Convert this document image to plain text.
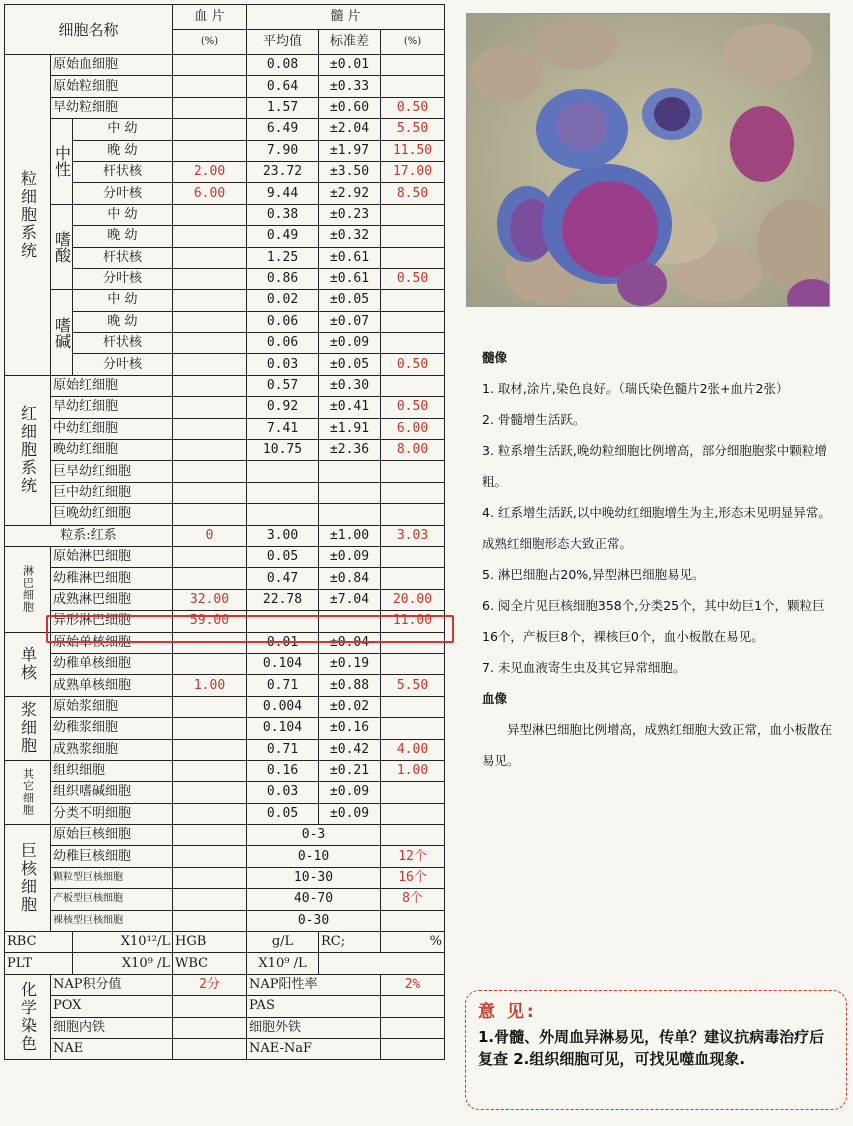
细胞名称			血 片	髓 片		
			(%)	平均值	标准差	(%)
粒细胞系统	原始血细胞			0.08	±0.01	
	原始粒细胞			0.64	±0.33	
	早幼粒细胞			1.57	±0.60	0.50
	中性	中 幼		6.49	±2.04	5.50
		晚 幼		7.90	±1.97	11.50
		杆状核	2.00	23.72	±3.50	17.00
		分叶核	6.00	9.44	±2.92	8.50
	嗜酸	中 幼		0.38	±0.23	
		晚 幼		0.49	±0.32	
		杆状核		1.25	±0.61	
		分叶核		0.86	±0.61	0.50
	嗜碱	中 幼		0.02	±0.05	
		晚 幼		0.06	±0.07	
		杆状核		0.06	±0.09	
		分叶核		0.03	±0.05	0.50
红细胞系统	原始红细胞			0.57	±0.30	
	早幼红细胞			0.92	±0.41	0.50
	中幼红细胞			7.41	±1.91	6.00
	晚幼红细胞			10.75	±2.36	8.00
	巨早幼红细胞					
	巨中幼红细胞					
	巨晚幼红细胞					
粒系:红系			0	3.00	±1.00	3.03
淋巴细胞	原始淋巴细胞			0.05	±0.09	
	幼稚淋巴细胞			0.47	±0.84	
	成熟淋巴细胞		32.00	22.78	±7.04	20.00
	异形淋巴细胞		59.00			11.00
单核	原始单核细胞			0.01	±0.04	
	幼稚单核细胞			0.104	±0.19	
	成熟单核细胞		1.00	0.71	±0.88	5.50
浆细胞	原始浆细胞			0.004	±0.02	
	幼稚浆细胞			0.104	±0.16	
	成熟浆细胞			0.71	±0.42	4.00
其它细胞	组织细胞			0.16	±0.21	1.00
	组织嗜碱细胞			0.03	±0.09	
	分类不明细胞			0.05	±0.09	
巨核细胞	原始巨核细胞			0-3		
	幼稚巨核细胞			0-10		12个
	颗粒型巨核细胞			10-30		16个
	产板型巨核细胞			40-70		8个
	裸核型巨核细胞			0-30		
RBC		X10¹²/L	HGB	g/L	RC;	%
PLT		X10⁹ /L	WBC	X10⁹ /L		
化学染色	NAP积分值		2分	NAP阳性率		2%
	POX			PAS		
	细胞内铁			细胞外铁		
	NAE			NAE-NaF		

髓像

1. 取材,涂片,染色良好。（瑞氏染色髓片2张+血片2张）

2. 骨髓增生活跃。

3. 粒系增生活跃,晚幼粒细胞比例增高，部分细胞胞浆中颗粒增粗。

4. 红系增生活跃,以中晚幼红细胞增生为主,形态未见明显异常。成熟红细胞形态大致正常。

5. 淋巴细胞占20%,异型淋巴细胞易见。

6. 阅全片见巨核细胞358个,分类25个，其中幼巨1个，颗粒巨16个，产板巨8个，裸核巨0个，血小板散在易见。

7. 未见血液寄生虫及其它异常细胞。

血像

异型淋巴细胞比例增高，成熟红细胞大致正常，血小板散在易见。

意 见:
1.骨髓、外周血异淋易见，传单？建议抗病毒治疗后复查 2.组织细胞可见，可找见噬血现象.
